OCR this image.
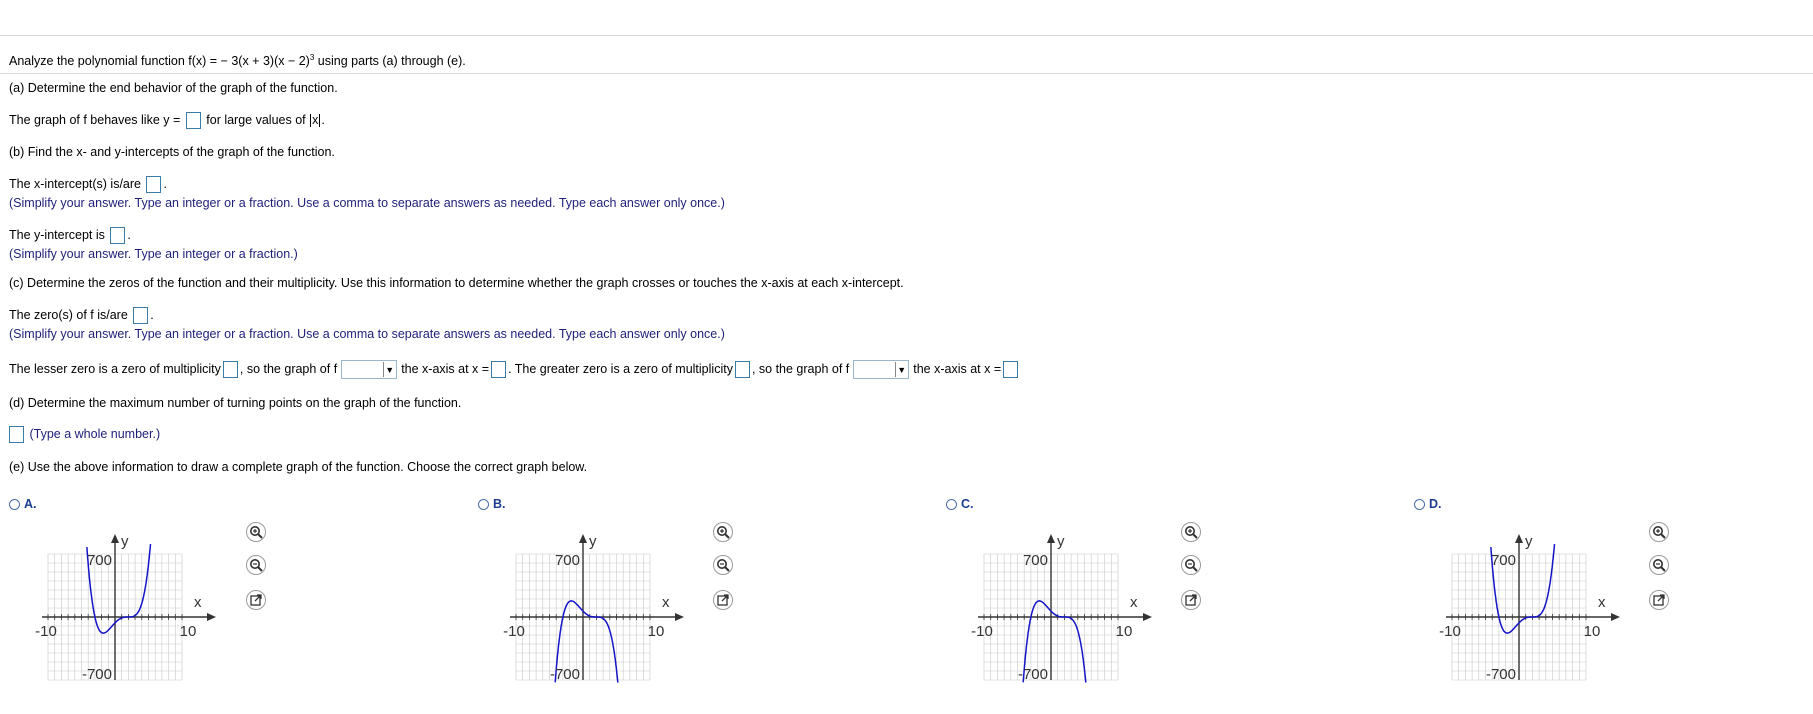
Analyze the polynomial function f(x) = − $3(x + 3)(x - 2)^3$ using parts (a) through (e).
(a) Determine the end behavior of the graph of the function.
The graph of f behaves like y = for large values of x .
(b) Find the x- and y-intercepts of the graph of the function.
The x-intercept(s) is/are .
(Simplify your answer. Type an integer or a fraction. Use a comma to separate answers as needed. Type each answer only once.)
The y-intercept is .
(Simplify your answer. Type an integer or a fraction.)
(c) Determine the zeros of the function and their multiplicity. Use this information to determine whether the graph crosses or touches the x-axis at each x-intercept.
The zero(s) of f is/are .
(Simplify your answer. Type an integer or a fraction. Use a comma to separate answers as needed. Type each answer only once.)
The lesser zero is a zero of multiplicity , so the graph of f	▼ the x-axis at x = . The greater zero is a zero of multiplicity , so the graph of f	▼ the x-axis at x =
(d) Determine the maximum number of turning points on the graph of the function.
(Type a whole number.)
(e) Use the above information to draw a complete graph of the function. Choose the correct graph below.
A.	B.	C.	D.
y
x
700
-700
-10	10
y
x
700
-700
-10	10
y
x
700
-700
-10	10
y
x
700
-700
-10	10
